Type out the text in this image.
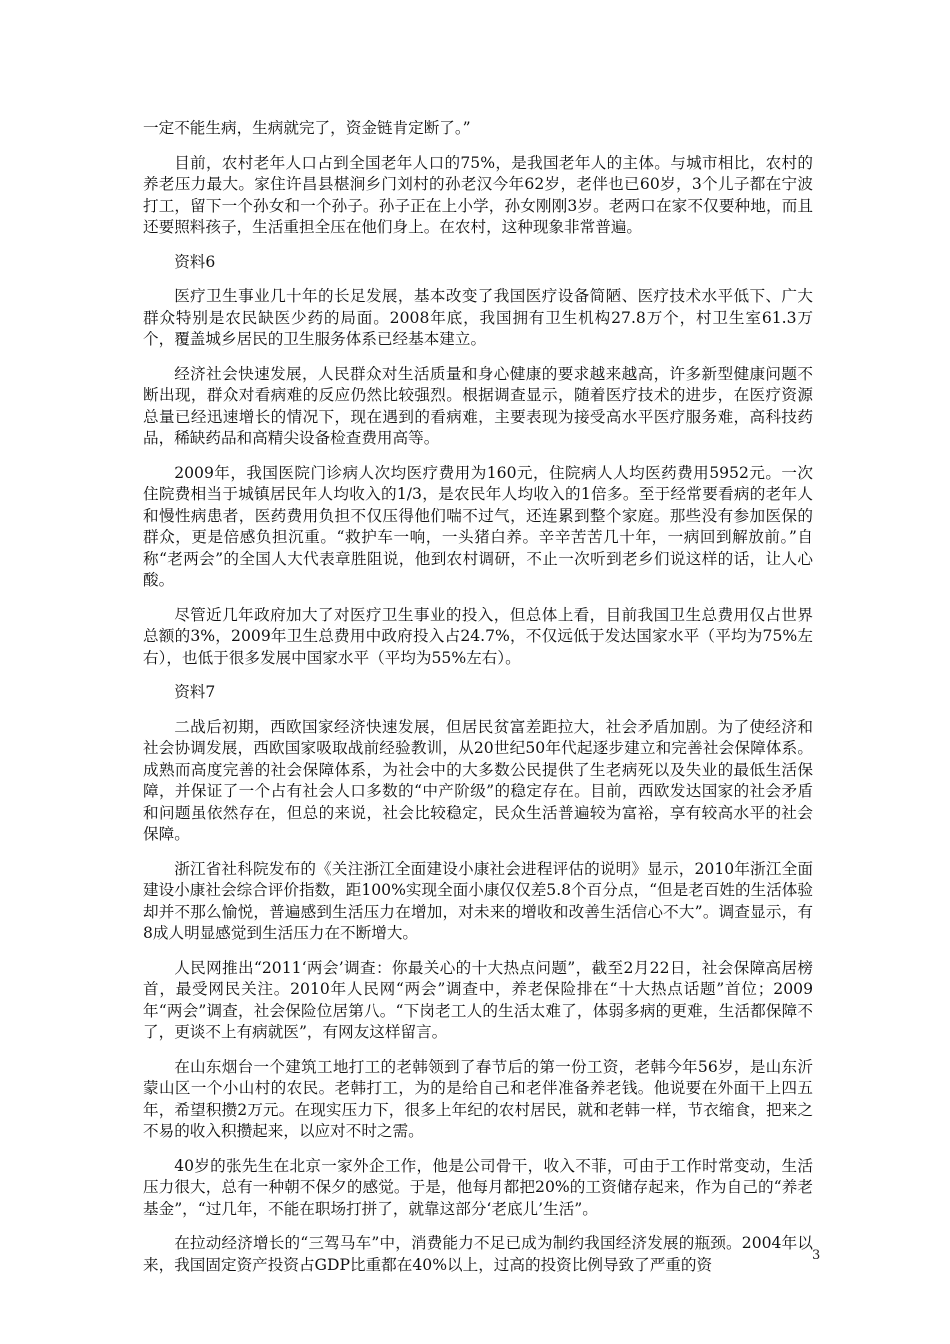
一定不能生病，生病就完了，资金链肯定断了。”

目前，农村老年人口占到全国老年人口的75%，是我国老年人的主体。与城市相比，农村的养老压力最大。家住许昌县椹涧乡门刘村的孙老汉今年62岁，老伴也已60岁，3个儿子都在宁波打工，留下一个孙女和一个孙子。孙子正在上小学，孙女刚刚3岁。老两口在家不仅要种地，而且还要照料孩子，生活重担全压在他们身上。在农村，这种现象非常普遍。

资料6

医疗卫生事业几十年的长足发展，基本改变了我国医疗设备简陋、医疗技术水平低下、广大群众特别是农民缺医少药的局面。2008年底，我国拥有卫生机构27.8万个，村卫生室61.3万个，覆盖城乡居民的卫生服务体系已经基本建立。

经济社会快速发展，人民群众对生活质量和身心健康的要求越来越高，许多新型健康问题不断出现，群众对看病难的反应仍然比较强烈。根据调查显示，随着医疗技术的进步，在医疗资源总量已经迅速增长的情况下，现在遇到的看病难，主要表现为接受高水平医疗服务难，高科技药品，稀缺药品和高精尖设备检查费用高等。

2009年，我国医院门诊病人次均医疗费用为160元，住院病人人均医药费用5952元。一次住院费相当于城镇居民年人均收入的1/3，是农民年人均收入的1倍多。至于经常要看病的老年人和慢性病患者，医药费用负担不仅压得他们喘不过气，还连累到整个家庭。那些没有参加医保的群众，更是倍感负担沉重。“救护车一响，一头猪白养。辛辛苦苦几十年，一病回到解放前。”自称“老两会”的全国人大代表章胜阻说，他到农村调研，不止一次听到老乡们说这样的话，让人心酸。

尽管近几年政府加大了对医疗卫生事业的投入，但总体上看，目前我国卫生总费用仅占世界总额的3%，2009年卫生总费用中政府投入占24.7%，不仅远低于发达国家水平（平均为75%左右），也低于很多发展中国家水平（平均为55%左右）。

资料7

二战后初期，西欧国家经济快速发展，但居民贫富差距拉大，社会矛盾加剧。为了使经济和社会协调发展，西欧国家吸取战前经验教训，从20世纪50年代起逐步建立和完善社会保障体系。成熟而高度完善的社会保障体系，为社会中的大多数公民提供了生老病死以及失业的最低生活保障，并保证了一个占有社会人口多数的“中产阶级”的稳定存在。目前，西欧发达国家的社会矛盾和问题虽依然存在，但总的来说，社会比较稳定，民众生活普遍较为富裕，享有较高水平的社会保障。

浙江省社科院发布的《关注浙江全面建设小康社会进程评估的说明》显示，2010年浙江全面建设小康社会综合评价指数，距100%实现全面小康仅仅差5.8个百分点，“但是老百姓的生活体验却并不那么愉悦，普遍感到生活压力在增加，对未来的增收和改善生活信心不大”。调查显示，有8成人明显感觉到生活压力在不断增大。

人民网推出“2011‘两会’调查：你最关心的十大热点问题”，截至2月22日，社会保障高居榜首，最受网民关注。2010年人民网“两会”调查中，养老保险排在“十大热点话题”首位；2009年“两会”调查，社会保险位居第八。“下岗老工人的生活太难了，体弱多病的更难，生活都保障不了，更谈不上有病就医”，有网友这样留言。

在山东烟台一个建筑工地打工的老韩领到了春节后的第一份工资，老韩今年56岁，是山东沂蒙山区一个小山村的农民。老韩打工，为的是给自己和老伴准备养老钱。他说要在外面干上四五年，希望积攒2万元。在现实压力下，很多上年纪的农村居民，就和老韩一样，节衣缩食，把来之不易的收入积攒起来，以应对不时之需。

40岁的张先生在北京一家外企工作，他是公司骨干，收入不菲，可由于工作时常变动，生活压力很大，总有一种朝不保夕的感觉。于是，他每月都把20%的工资储存起来，作为自己的“养老基金”，“过几年，不能在职场打拼了，就靠这部分‘老底儿’生活”。

在拉动经济增长的“三驾马车”中，消费能力不足已成为制约我国经济发展的瓶颈。2004年以来，我国固定资产投资占GDP比重都在40%以上，过高的投资比例导致了严重的资	3
